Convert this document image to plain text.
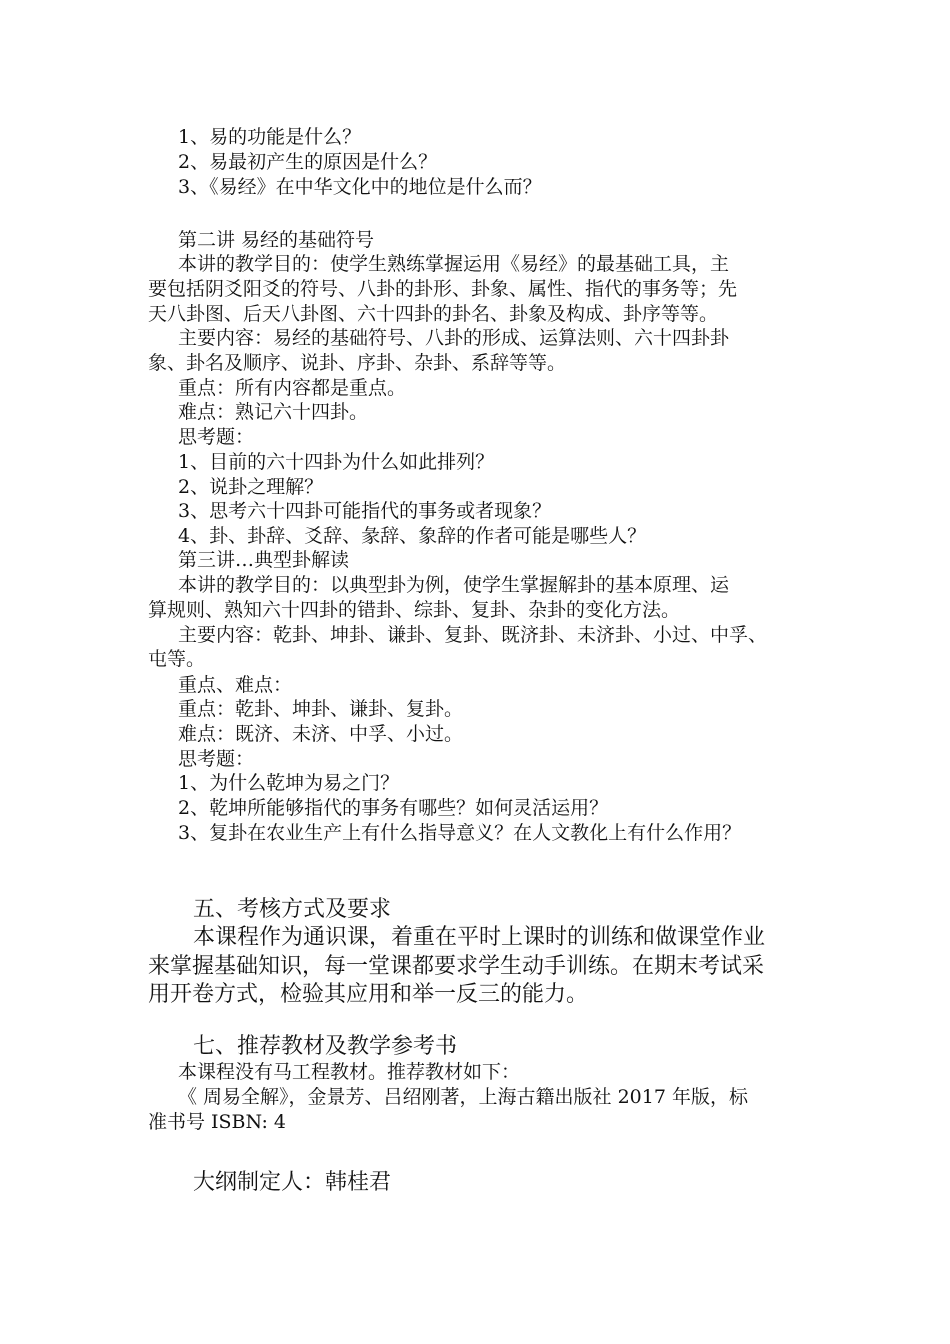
1、易的功能是什么？
2、易最初产生的原因是什么？
3、《易经》在中华文化中的地位是什么而？
第二讲 易经的基础符号
本讲的教学目的：使学生熟练掌握运用《易经》的最基础工具，主
要包括阴爻阳爻的符号、八卦的卦形、卦象、属性、指代的事务等；先
天八卦图、后天八卦图、六十四卦的卦名、卦象及构成、卦序等等。
主要内容：易经的基础符号、八卦的形成、运算法则、六十四卦卦
象、卦名及顺序、说卦、序卦、杂卦、系辞等等。
重点：所有内容都是重点。
难点：熟记六十四卦。
思考题：
1、目前的六十四卦为什么如此排列？
2、说卦之理解？
3、思考六十四卦可能指代的事务或者现象？
4、卦、卦辞、爻辞、彖辞、象辞的作者可能是哪些人？
第三讲…典型卦解读
本讲的教学目的：以典型卦为例，使学生掌握解卦的基本原理、运
算规则、熟知六十四卦的错卦、综卦、复卦、杂卦的变化方法。
主要内容：乾卦、坤卦、谦卦、复卦、既济卦、未济卦、小过、中孚、
屯等。
重点、难点：
重点：乾卦、坤卦、谦卦、复卦。
难点：既济、未济、中孚、小过。
思考题：
1、为什么乾坤为易之门？
2、乾坤所能够指代的事务有哪些？如何灵活运用？
3、复卦在农业生产上有什么指导意义？在人文教化上有什么作用？
五、考核方式及要求
本课程作为通识课，着重在平时上课时的训练和做课堂作业
来掌握基础知识，每一堂课都要求学生动手训练。在期末考试采
用开卷方式，检验其应用和举一反三的能力。
七、推荐教材及教学参考书
本课程没有马工程教材。推荐教材如下：
《 周易全解》，金景芳、吕绍刚著，上海古籍出版社 2017 年版，标
准书号 ISBN: 4
大纲制定人：韩桂君
